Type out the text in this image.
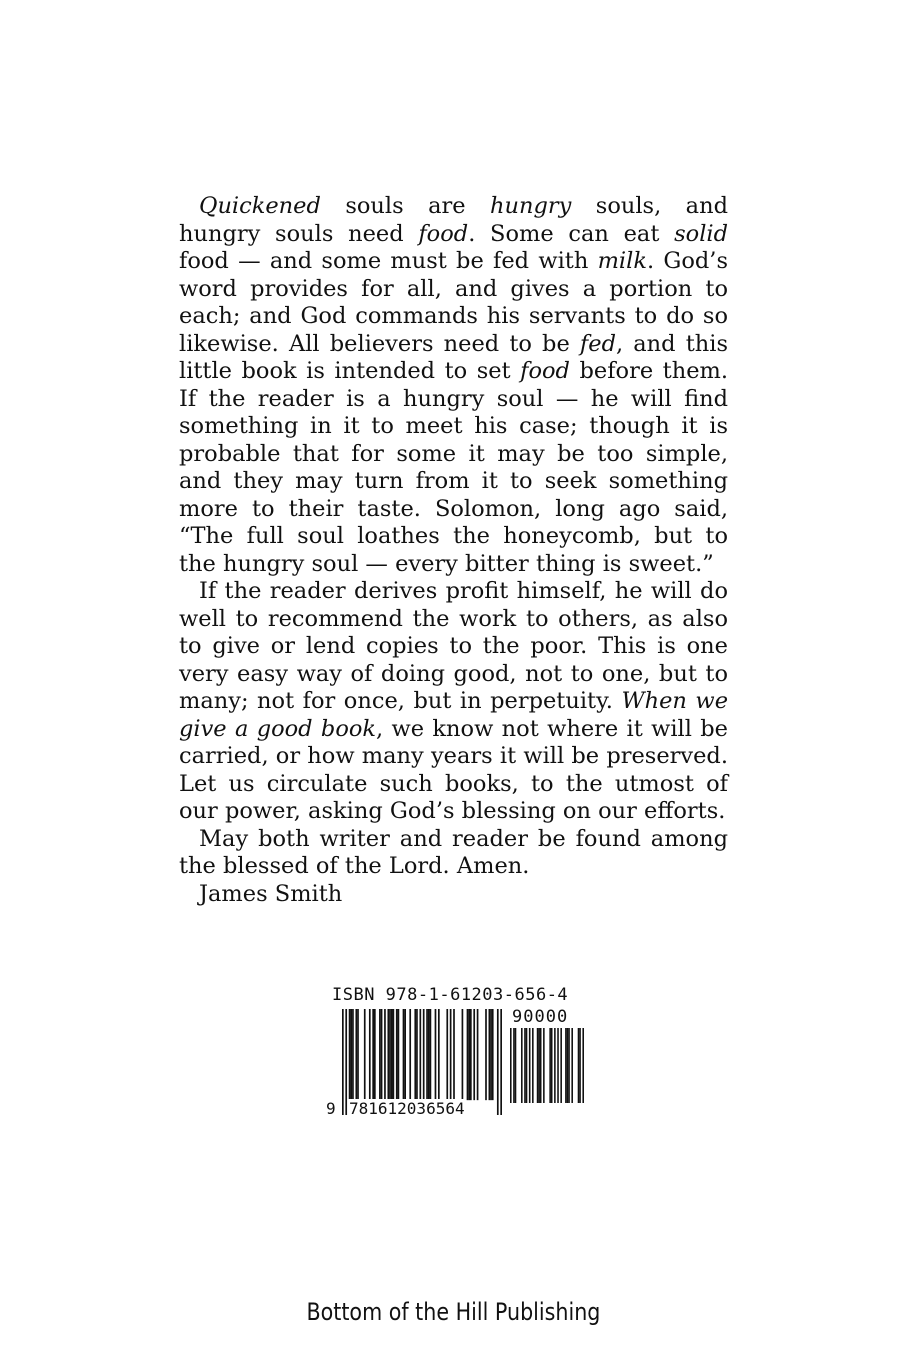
Quickened souls are hungry souls, and hungry souls need food. Some can eat solid food — and some must be fed with milk. God’s word provides for all, and gives a portion to each; and God commands his servants to do so likewise. All believers need to be fed, and this little book is intended to set food before them. If the reader is a hungry soul — he will find something in it to meet his case; though it is probable that for some it may be too simple, and they may turn from it to seek something more to their taste. Solomon, long ago said, “The full soul loathes the honeycomb, but to the hungry soul — every bitter thing is sweet.”

If the reader derives profit himself, he will do well to recommend the work to others, as also to give or lend copies to the poor. This is one very easy way of doing good, not to one, but to many; not for once, but in perpetuity. When we give a good book, we know not where it will be carried, or how many years it will be preserved. Let us circulate such books, to the utmost of our power, asking God’s blessing on our efforts.

May both writer and reader be found among the blessed of the Lord. Amen.

James Smith

ISBN 978-1-61203-656-4
90000
9 781612036564
Bottom of the Hill Publishing
